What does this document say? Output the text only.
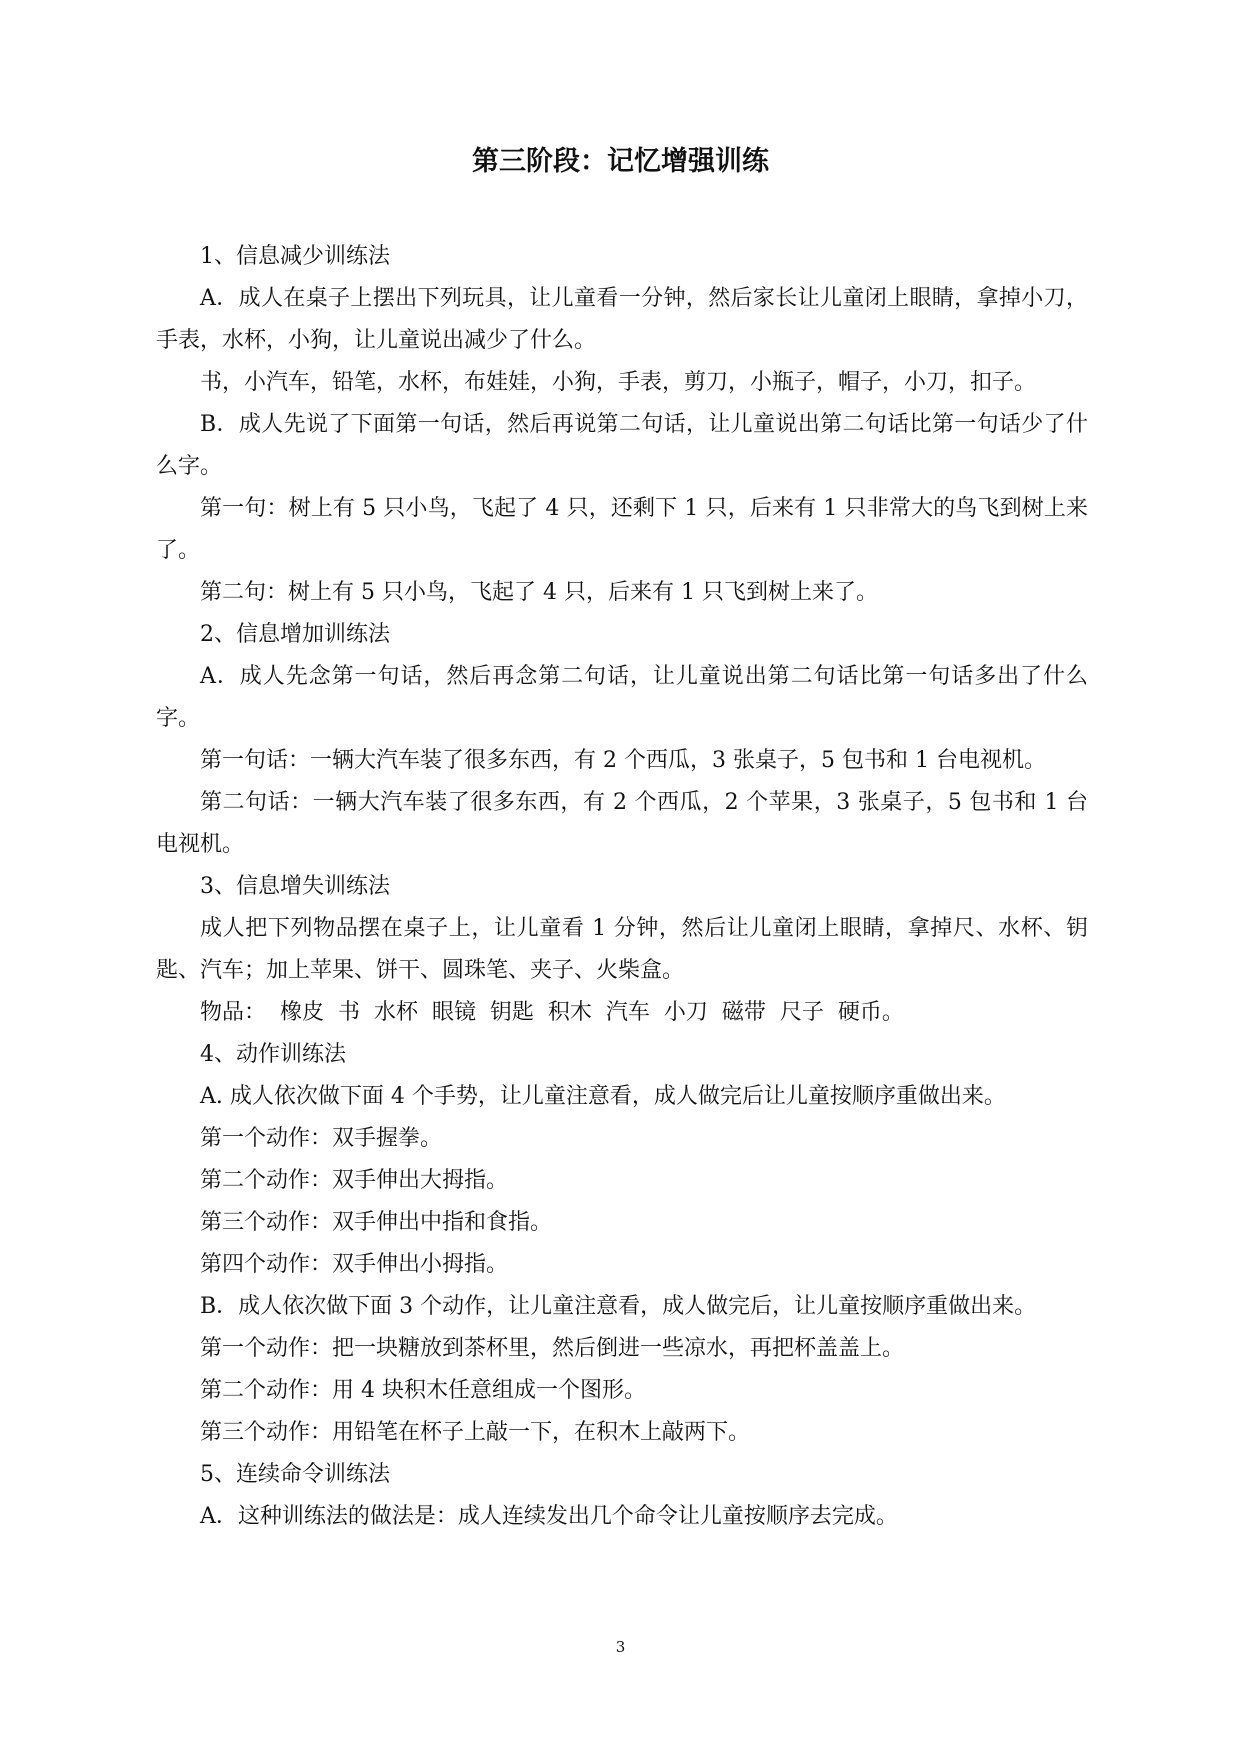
第三阶段：记忆增强训练

1、信息减少训练法

A．成人在桌子上摆出下列玩具，让儿童看一分钟，然后家长让儿童闭上眼睛，拿掉小刀，手表，水杯，小狗，让儿童说出减少了什么。

书，小汽车，铅笔，水杯，布娃娃，小狗，手表，剪刀，小瓶子，帽子，小刀，扣子。

B．成人先说了下面第一句话，然后再说第二句话，让儿童说出第二句话比第一句话少了什么字。

第一句：树上有 5 只小鸟，飞起了 4 只，还剩下 1 只，后来有 1 只非常大的鸟飞到树上来了。

第二句：树上有 5 只小鸟，飞起了 4 只，后来有 1 只飞到树上来了。

2、信息增加训练法

A．成人先念第一句话，然后再念第二句话，让儿童说出第二句话比第一句话多出了什么字。

第一句话：一辆大汽车装了很多东西，有 2 个西瓜，3 张桌子，5 包书和 1 台电视机。

第二句话：一辆大汽车装了很多东西，有 2 个西瓜，2 个苹果，3 张桌子，5 包书和 1 台电视机。

3、信息增失训练法

成人把下列物品摆在桌子上，让儿童看 1 分钟，然后让儿童闭上眼睛，拿掉尺、水杯、钥匙、汽车；加上苹果、饼干、圆珠笔、夹子、火柴盒。

物品：  橡皮  书  水杯  眼镜  钥匙  积木  汽车  小刀  磁带  尺子  硬币。

4、动作训练法

A. 成人依次做下面 4 个手势，让儿童注意看，成人做完后让儿童按顺序重做出来。

第一个动作：双手握拳。

第二个动作：双手伸出大拇指。

第三个动作：双手伸出中指和食指。

第四个动作：双手伸出小拇指。

B．成人依次做下面 3 个动作，让儿童注意看，成人做完后，让儿童按顺序重做出来。

第一个动作：把一块糖放到茶杯里，然后倒进一些凉水，再把杯盖盖上。

第二个动作：用 4 块积木任意组成一个图形。

第三个动作：用铅笔在杯子上敲一下，在积木上敲两下。

5、连续命令训练法

A．这种训练法的做法是：成人连续发出几个命令让儿童按顺序去完成。

3
